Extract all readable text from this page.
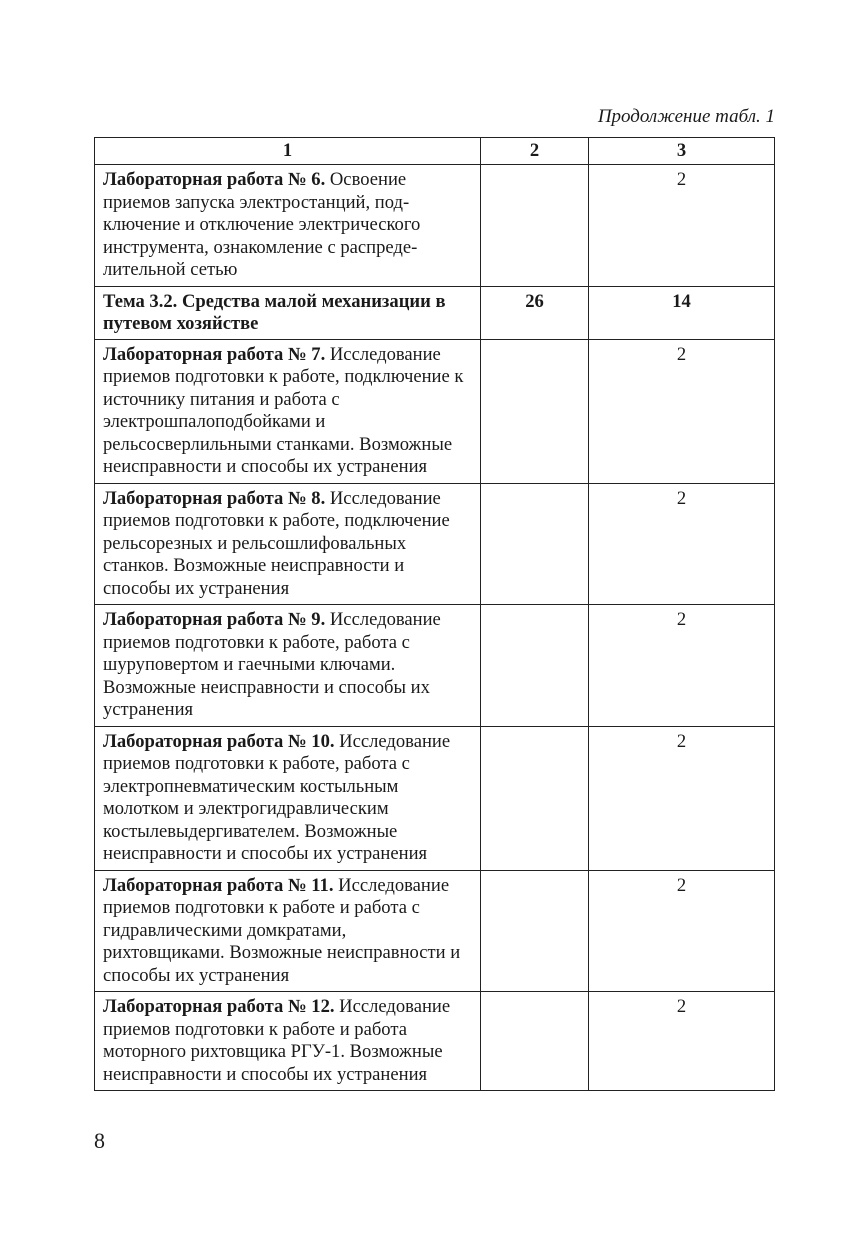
Продолжение табл. 1
1	2	3
Лабораторная работа № 6. Освоение приемов запуска электростанций, подключение и отключение электрического инструмента, ознакомление с распределительной сетью		2
Тема 3.2. Средства малой механизации в путевом хозяйстве	26	14
Лабораторная работа № 7. Исследование приемов подготовки к работе, подключение к источнику питания и работа с электрошпалоподбойками и рельсосверлильными станками. Возможные неисправности и способы их устранения		2
Лабораторная работа № 8. Исследование приемов подготовки к работе, подключение рельсорезных и рельсошлифовальных станков. Возможные неисправности и способы их устранения		2
Лабораторная работа № 9. Исследование приемов подготовки к работе, работа с шуруповертом и гаечными ключами. Возможные неисправности и способы их устранения		2
Лабораторная работа № 10. Исследование приемов подготовки к работе, работа с электропневматическим костыльным молотком и электрогидравлическим костылевыдергивателем. Возможные неисправности и способы их устранения		2
Лабораторная работа № 11. Исследование приемов подготовки к работе и работа с гидравлическими домкратами, рихтовщиками. Возможные неисправности и способы их устранения		2
Лабораторная работа № 12. Исследование приемов подготовки к работе и работа моторного рихтовщика РГУ-1. Возможные неисправности и способы их устранения		2
8
